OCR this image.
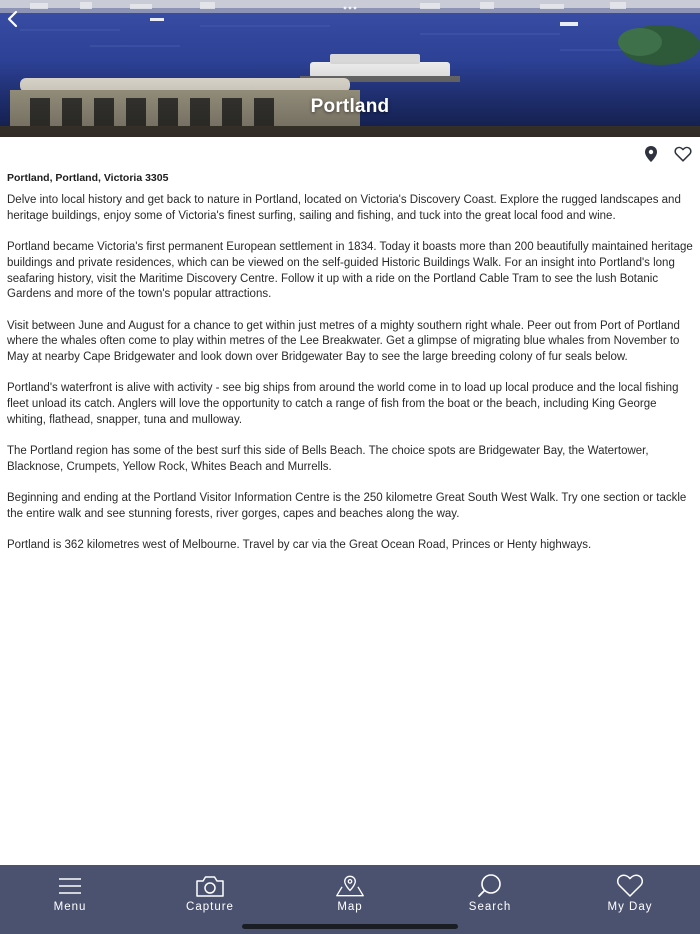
Portland
Portland, Portland, Victoria 3305

Delve into local history and get back to nature in Portland, located on Victoria's Discovery Coast. Explore the rugged landscapes and heritage buildings, enjoy some of Victoria's finest surfing, sailing and fishing, and tuck into the great local food and wine.

Portland became Victoria's first permanent European settlement in 1834. Today it boasts more than 200 beautifully maintained heritage buildings and private residences, which can be viewed on the self-guided Historic Buildings Walk. For an insight into Portland's long seafaring history, visit the Maritime Discovery Centre. Follow it up with a ride on the Portland Cable Tram to see the lush Botanic Gardens and more of the town's popular attractions.

Visit between June and August for a chance to get within just metres of a mighty southern right whale. Peer out from Port of Portland where the whales often come to play within metres of the Lee Breakwater. Get a glimpse of migrating blue whales from November to May at nearby Cape Bridgewater and look down over Bridgewater Bay to see the large breeding colony of fur seals below.

Portland's waterfront is alive with activity - see big ships from around the world come in to load up local produce and the local fishing fleet unload its catch. Anglers will love the opportunity to catch a range of fish from the boat or the beach, including King George whiting, flathead, snapper, tuna and mulloway.

The Portland region has some of the best surf this side of Bells Beach. The choice spots are Bridgewater Bay, the Watertower, Blacknose, Crumpets, Yellow Rock, Whites Beach and Murrells.

Beginning and ending at the Portland Visitor Information Centre is the 250 kilometre Great South West Walk. Try one section or tackle the entire walk and see stunning forests, river gorges, capes and beaches along the way.

Portland is 362 kilometres west of Melbourne. Travel by car via the Great Ocean Road, Princes or Henty highways.

Menu	Capture	Map	Search	My Day
